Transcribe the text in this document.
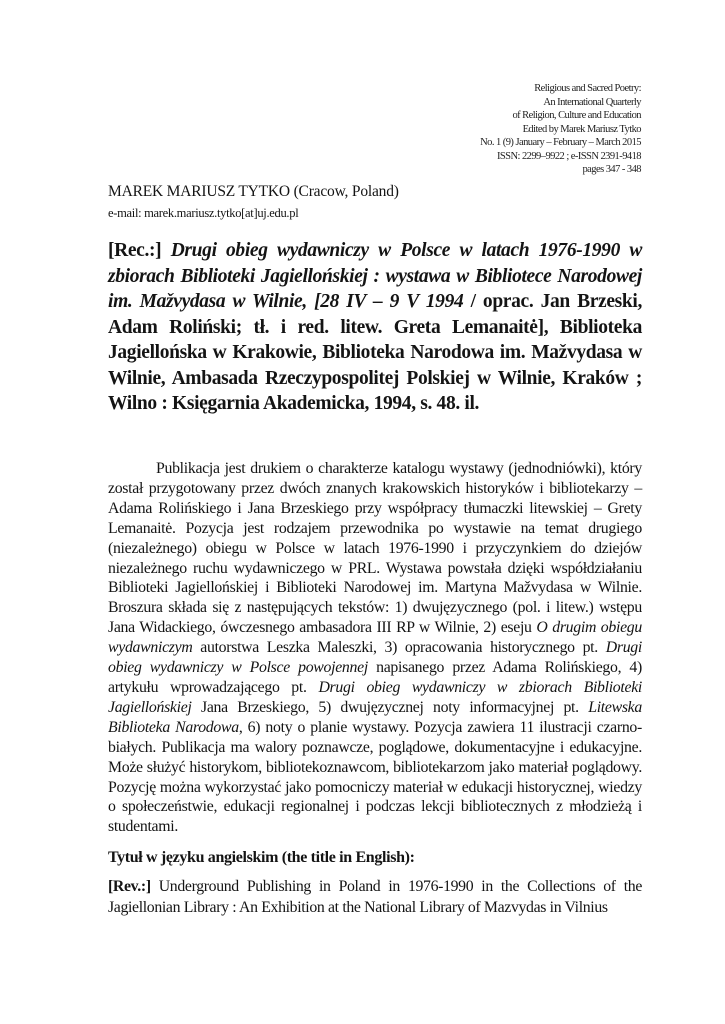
Religious and Sacred Poetry:
An International Quarterly
of Religion, Culture and Education
Edited by Marek Mariusz Tytko
No. 1 (9) January – February – March 2015
ISSN: 2299–9922 ; e-ISSN 2391-9418
pages 347 - 348
MAREK MARIUSZ TYTKO (Cracow, Poland)
e-mail: marek.mariusz.tytko[at]uj.edu.pl
[Rec.:] Drugi obieg wydawniczy w Polsce w latach 1976-1990 w zbiorach Biblioteki Jagiellońskiej : wystawa w Bibliotece Narodowej im. Mažvydasa w Wilnie, [28 IV – 9 V 1994 / oprac. Jan Brzeski, Adam Roliński; tł. i red. litew. Greta Lemanaitė], Biblioteka Jagiellońska w Krakowie, Biblioteka Narodowa im. Mažvydasa w Wilnie, Ambasada Rzeczypospolitej Polskiej w Wilnie, Kraków ; Wilno : Księgarnia Akademicka, 1994, s. 48. il.
Publikacja jest drukiem o charakterze katalogu wystawy (jednodniówki), który został przygotowany przez dwóch znanych krakowskich historyków i bibliotekarzy – Adama Rolińskiego i Jana Brzeskiego przy współpracy tłumaczki litewskiej – Grety Lemanaitė. Pozycja jest rodzajem przewodnika po wystawie na temat drugiego (niezależnego) obiegu w Polsce w latach 1976-1990 i przyczynkiem do dziejów niezależnego ruchu wydawniczego w PRL. Wystawa powstała dzięki współdziałaniu Biblioteki Jagiellońskiej i Biblioteki Narodowej im. Martyna Mažvydasa w Wilnie. Broszura składa się z następujących tekstów: 1) dwujęzycznego (pol. i litew.) wstępu Jana Widackiego, ówczesnego ambasadora III RP w Wilnie, 2) eseju O drugim obiegu wydawniczym autorstwa Leszka Maleszki, 3) opracowania historycznego pt. Drugi obieg wydawniczy w Polsce powojennej napisanego przez Adama Rolińskiego, 4) artykułu wprowadzającego pt. Drugi obieg wydawniczy w zbiorach Biblioteki Jagiellońskiej Jana Brzeskiego, 5) dwujęzycznej noty informacyjnej pt. Litewska Biblioteka Narodowa, 6) noty o planie wystawy. Pozycja zawiera 11 ilustracji czarno-białych. Publikacja ma walory poznawcze, poglądowe, dokumentacyjne i edukacyjne. Może służyć historykom, bibliotekoznawcom, bibliotekarzom jako materiał poglądowy. Pozycję można wykorzystać jako pomocniczy materiał w edukacji historycznej, wiedzy o społeczeństwie, edukacji regionalnej i podczas lekcji bibliotecznych z młodzieżą i studentami.
Tytuł w języku angielskim (the title in English):
[Rev.:] Underground Publishing in Poland in 1976-1990 in the Collections of the Jagiellonian Library : An Exhibition at the National Library of Mazvydas in Vilnius
